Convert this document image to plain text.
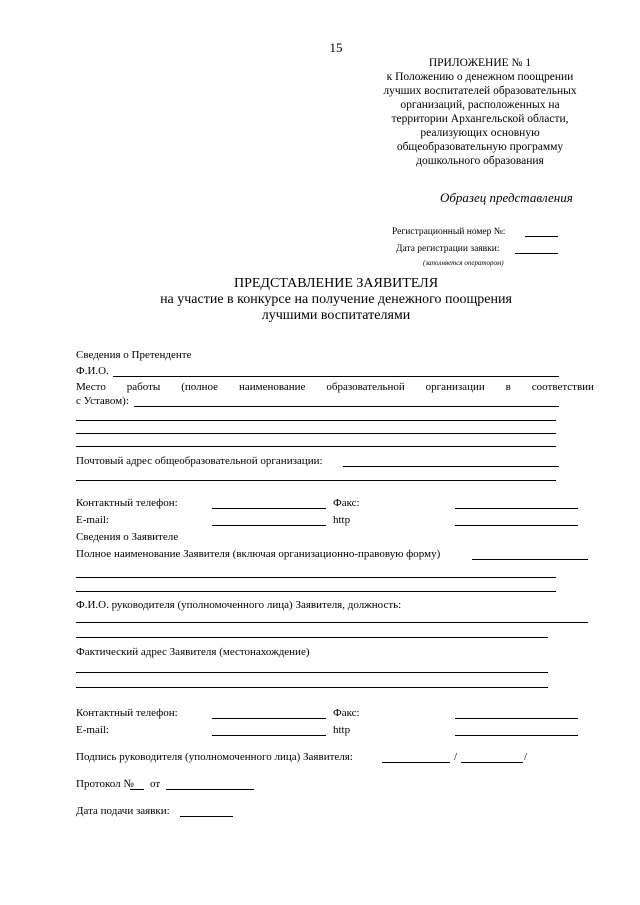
15
ПРИЛОЖЕНИЕ № 1
к Положению о денежном поощрении
лучших воспитателей образовательных
организаций, расположенных на
территории Архангельской области,
реализующих основную
общеобразовательную программу
дошкольного образования
Образец представления
Регистрационный номер №:
Дата регистрации заявки:
(заполняется оператором)
ПРЕДСТАВЛЕНИЕ ЗАЯВИТЕЛЯ
на участие в конкурсе на получение денежного поощрения
лучшими воспитателями
Сведения о Претенденте
Ф.И.О.
Место работы (полное наименование образовательной организации в соответствии
с Уставом):
Почтовый адрес общеобразовательной организации:
Контактный телефон:	Факс:
E-mail:	http
Сведения о Заявителе
Полное наименование Заявителя (включая организационно-правовую форму)
Ф.И.О. руководителя (уполномоченного лица) Заявителя, должность:
Фактический адрес Заявителя (местонахождение)
Контактный телефон:	Факс:
E-mail:	http
Подпись руководителя (уполномоченного лица) Заявителя:	/	/
Протокол № от
Дата подачи заявки:
